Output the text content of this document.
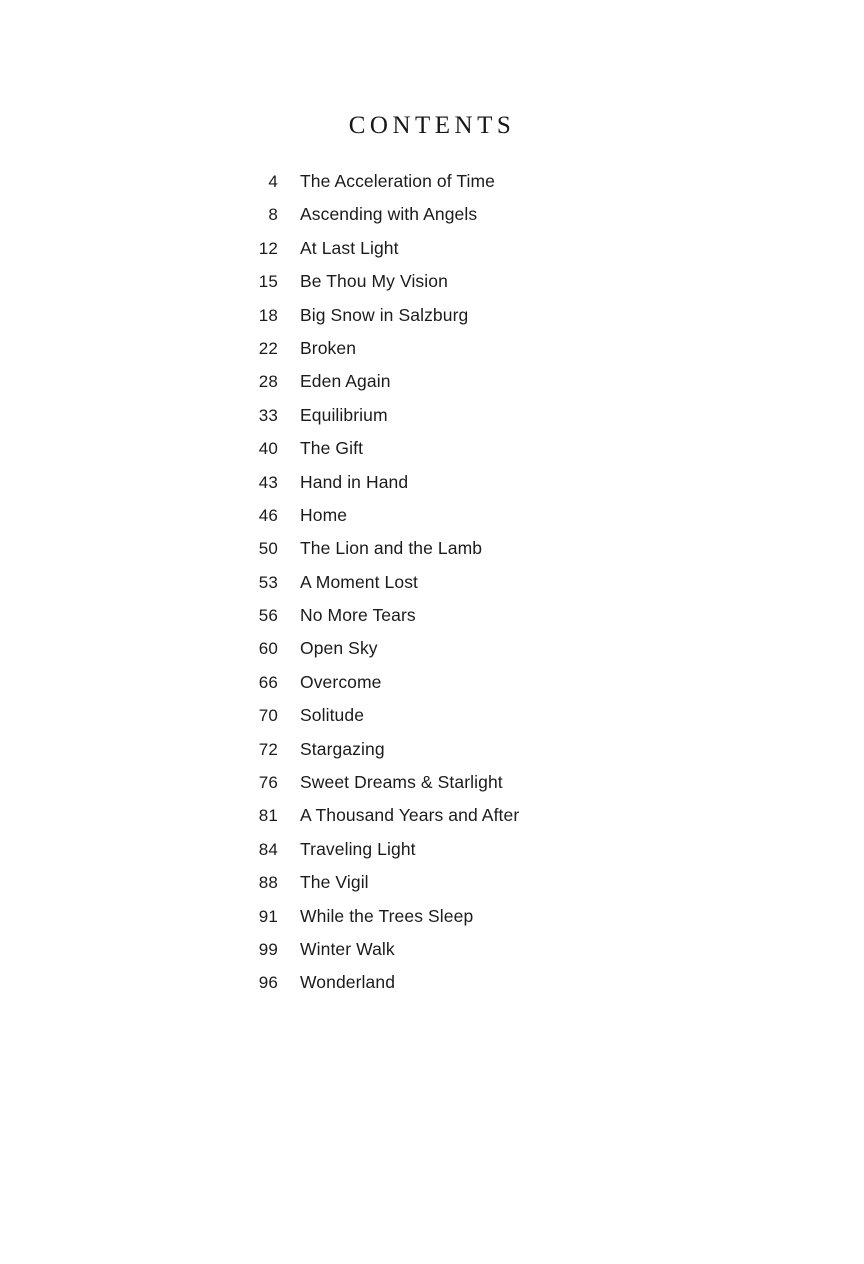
CONTENTS
4 The Acceleration of Time
8 Ascending with Angels
12 At Last Light
15 Be Thou My Vision
18 Big Snow in Salzburg
22 Broken
28 Eden Again
33 Equilibrium
40 The Gift
43 Hand in Hand
46 Home
50 The Lion and the Lamb
53 A Moment Lost
56 No More Tears
60 Open Sky
66 Overcome
70 Solitude
72 Stargazing
76 Sweet Dreams & Starlight
81 A Thousand Years and After
84 Traveling Light
88 The Vigil
91 While the Trees Sleep
99 Winter Walk
96 Wonderland
